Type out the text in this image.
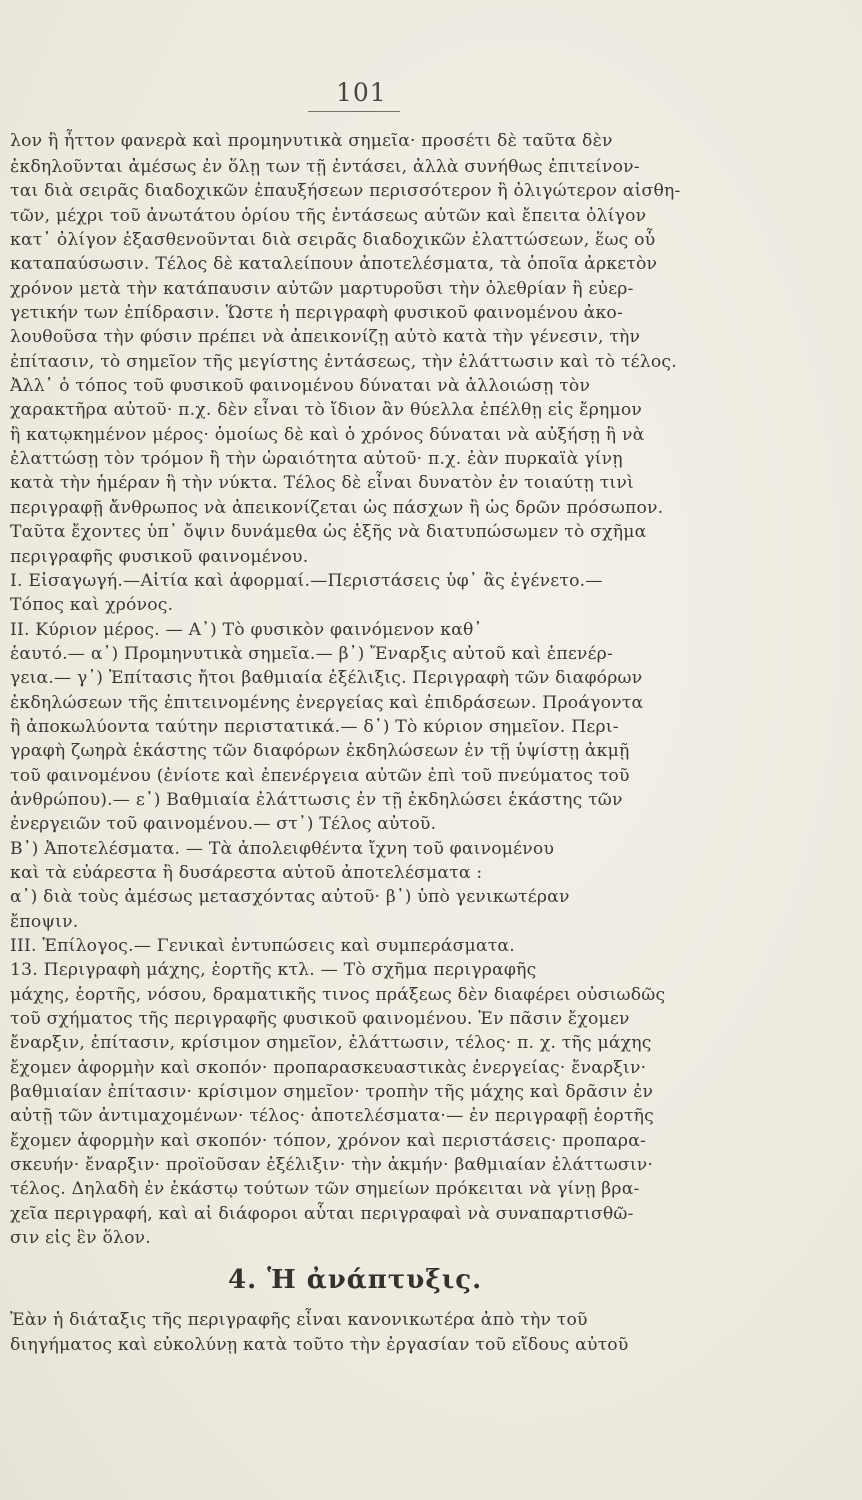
101
λον ἢ ἧττον φανερὰ καὶ προμηνυτικὰ σημεῖα· προσέτι δὲ ταῦτα δὲν
ἐκδηλοῦνται ἀμέσως ἐν ὅλῃ των τῇ ἐντάσει, ἀλλὰ συνήθως ἐπιτείνον-
ται διὰ σειρᾶς διαδοχικῶν ἐπαυξήσεων περισσότερον ἢ ὀλιγώτερον αἰσθη-
τῶν, μέχρι τοῦ ἀνωτάτου ὁρίου τῆς ἐντάσεως αὐτῶν καὶ ἔπειτα ὀλίγον
κατ᾽ ὀλίγον ἐξασθενοῦνται διὰ σειρᾶς διαδοχικῶν ἐλαττώσεων, ἕως οὗ
καταπαύσωσιν. Τέλος δὲ καταλείπουν ἀποτελέσματα, τὰ ὁποῖα ἀρκετὸν
χρόνον μετὰ τὴν κατάπαυσιν αὐτῶν μαρτυροῦσι τὴν ὀλεθρίαν ἢ εὐερ-
γετικήν των ἐπίδρασιν. Ὥστε ἡ περιγραφὴ φυσικοῦ φαινομένου ἀκο-
λουθοῦσα τὴν φύσιν πρέπει νὰ ἀπεικονίζῃ αὐτὸ κατὰ τὴν γένεσιν, τὴν
ἐπίτασιν, τὸ σημεῖον τῆς μεγίστης ἐντάσεως, τὴν ἐλάττωσιν καὶ τὸ τέλος.
Ἀλλ᾽ ὁ τόπος τοῦ φυσικοῦ φαινομένου δύναται νὰ ἀλλοιώσῃ τὸν
χαρακτῆρα αὐτοῦ· π.χ. δὲν εἶναι τὸ ἴδιον ἂν θύελλα ἐπέλθῃ εἰς ἔρημον
ἢ κατῳκημένον μέρος· ὁμοίως δὲ καὶ ὁ χρόνος δύναται νὰ αὐξήσῃ ἢ νὰ
ἐλαττώσῃ τὸν τρόμον ἢ τὴν ὡραιότητα αὐτοῦ· π.χ. ἐὰν πυρκαϊὰ γίνῃ
κατὰ τὴν ἡμέραν ἢ τὴν νύκτα. Τέλος δὲ εἶναι δυνατὸν ἐν τοιαύτῃ τινὶ
περιγραφῇ ἄνθρωπος νὰ ἀπεικονίζεται ὡς πάσχων ἢ ὡς δρῶν πρόσωπον.
Ταῦτα ἔχοντες ὑπ᾽ ὄψιν δυνάμεθα ὡς ἑξῆς νὰ διατυπώσωμεν τὸ σχῆμα
περιγραφῆς φυσικοῦ φαινομένου.
I. Εἰσαγωγή.—Αἰτία καὶ ἀφορμαί.—Περιστάσεις ὑφ᾽ ἃς ἐγένετο.—
Τόπος καὶ χρόνος.
II. Κύριον μέρος. — Α᾽) Τὸ φυσικὸν φαινόμενον καθ᾽
ἑαυτό.— α᾽) Προμηνυτικὰ σημεῖα.— β᾽) Ἔναρξις αὐτοῦ καὶ ἐπενέρ-
γεια.— γ᾽) Ἐπίτασις ἤτοι βαθμιαία ἐξέλιξις. Περιγραφὴ τῶν διαφόρων
ἐκδηλώσεων τῆς ἐπιτεινομένης ἐνεργείας καὶ ἐπιδράσεων. Προάγοντα
ἢ ἀποκωλύοντα ταύτην περιστατικά.— δ᾽) Τὸ κύριον σημεῖον. Περι-
γραφὴ ζωηρὰ ἑκάστης τῶν διαφόρων ἐκδηλώσεων ἐν τῇ ὑψίστῃ ἀκμῇ
τοῦ φαινομένου (ἐνίοτε καὶ ἐπενέργεια αὐτῶν ἐπὶ τοῦ πνεύματος τοῦ
ἀνθρώπου).— ε᾽) Βαθμιαία ἐλάττωσις ἐν τῇ ἐκδηλώσει ἑκάστης τῶν
ἐνεργειῶν τοῦ φαινομένου.— στ᾽) Τέλος αὐτοῦ.
Β᾽) Ἀποτελέσματα. — Τὰ ἀπολειφθέντα ἴχνη τοῦ φαινομένου
καὶ τὰ εὐάρεστα ἢ δυσάρεστα αὐτοῦ ἀποτελέσματα :
α᾽) διὰ τοὺς ἀμέσως μετασχόντας αὐτοῦ· β᾽) ὑπὸ γενικωτέραν
ἔποψιν.
III. Ἐπίλογος.— Γενικαὶ ἐντυπώσεις καὶ συμπεράσματα.
13. Περιγραφὴ μάχης, ἑορτῆς κτλ. — Τὸ σχῆμα περιγραφῆς
μάχης, ἑορτῆς, νόσου, δραματικῆς τινος πράξεως δὲν διαφέρει οὐσιωδῶς
τοῦ σχήματος τῆς περιγραφῆς φυσικοῦ φαινομένου. Ἐν πᾶσιν ἔχομεν
ἔναρξιν, ἐπίτασιν, κρίσιμον σημεῖον, ἐλάττωσιν, τέλος· π. χ. τῆς μάχης
ἔχομεν ἀφορμὴν καὶ σκοπόν· προπαρασκευαστικὰς ἐνεργείας· ἔναρξιν·
βαθμιαίαν ἐπίτασιν· κρίσιμον σημεῖον· τροπὴν τῆς μάχης καὶ δρᾶσιν ἐν
αὐτῇ τῶν ἀντιμαχομένων· τέλος· ἀποτελέσματα·— ἐν περιγραφῇ ἑορτῆς
ἔχομεν ἀφορμὴν καὶ σκοπόν· τόπον, χρόνον καὶ περιστάσεις· προπαρα-
σκευήν· ἔναρξιν· προϊοῦσαν ἐξέλιξιν· τὴν ἀκμήν· βαθμιαίαν ἐλάττωσιν·
τέλος. Δηλαδὴ ἐν ἑκάστῳ τούτων τῶν σημείων πρόκειται νὰ γίνῃ βρα-
χεῖα περιγραφή, καὶ αἱ διάφοροι αὗται περιγραφαὶ νὰ συναπαρτισθῶ-
σιν εἰς ἓν ὅλον.
4. Ἡ ἀνάπτυξις.
Ἐὰν ἡ διάταξις τῆς περιγραφῆς εἶναι κανονικωτέρα ἀπὸ τὴν τοῦ
διηγήματος καὶ εὐκολύνῃ κατὰ τοῦτο τὴν ἐργασίαν τοῦ εἴδους αὐτοῦ
